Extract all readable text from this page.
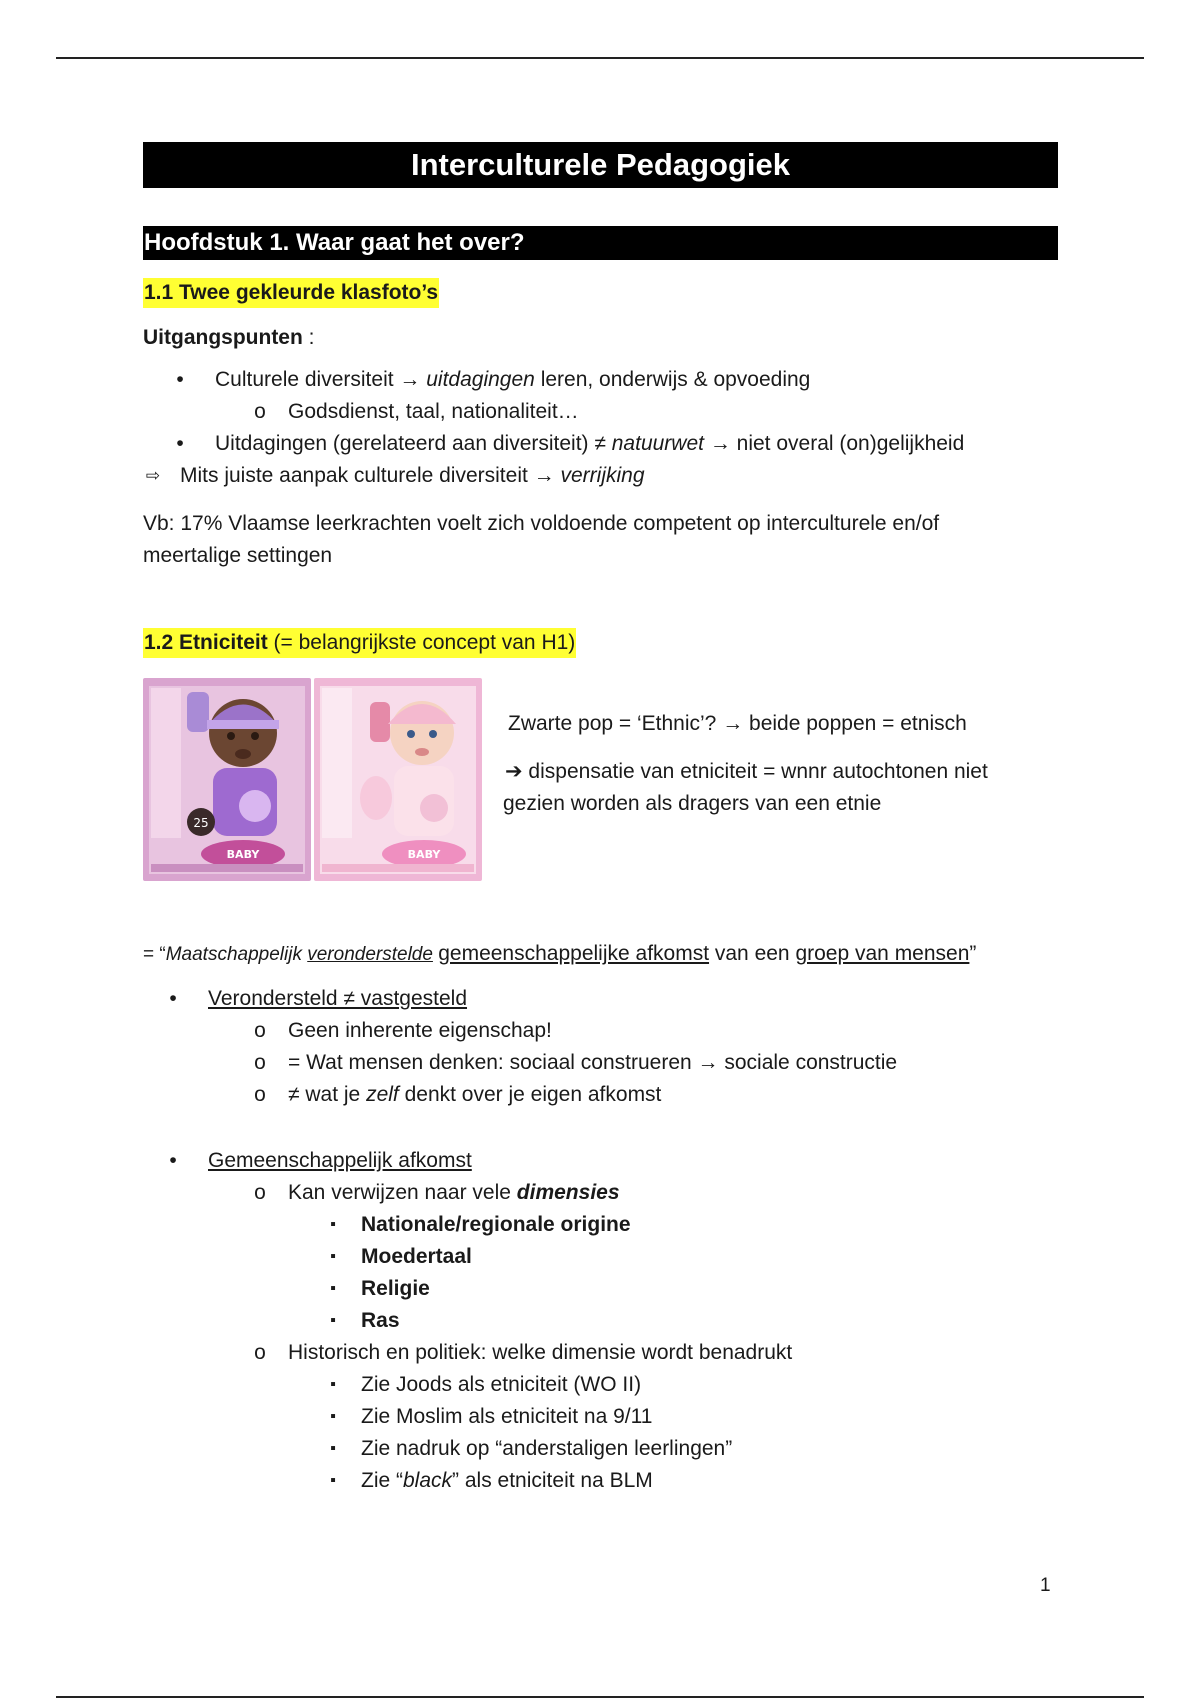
Interculturele Pedagogiek
Hoofdstuk 1. Waar gaat het over?
1.1 Twee gekleurde klasfoto’s
Uitgangspunten :
•	Culturele diversiteit → uitdagingen leren, onderwijs & opvoeding
o Godsdienst, taal, nationaliteit…
•	Uitdagingen (gerelateerd aan diversiteit) ≠ natuurwet → niet overal (on)gelijkheid
⇨ Mits juiste aanpak culturele diversiteit → verrijking
Vb: 17% Vlaamse leerkrachten voelt zich voldoende competent op interculturele en/of
meertalige settingen
1.2 Etniciteit (= belangrijkste concept van H1)
25
BABY	BABY
Zwarte pop = ‘Ethnic’? → beide poppen = etnisch
➔ dispensatie van etniciteit = wnnr autochtonen niet
gezien worden als dragers van een etnie
= “Maatschappelijk veronderstelde gemeenschappelijke afkomst van een groep van mensen”
•	Verondersteld ≠ vastgesteld
o Geen inherente eigenschap!
o = Wat mensen denken: sociaal construeren → sociale constructie
o ≠ wat je zelf denkt over je eigen afkomst
•	Gemeenschappelijk afkomst
o Kan verwijzen naar vele dimensies
▪	Nationale/regionale origine
▪	Moedertaal
▪	Religie
▪	Ras
o Historisch en politiek: welke dimensie wordt benadrukt
▪	Zie Joods als etniciteit (WO II)
▪	Zie Moslim als etniciteit na 9/11
▪	Zie nadruk op “anderstaligen leerlingen”
▪	Zie “black” als etniciteit na BLM
1
